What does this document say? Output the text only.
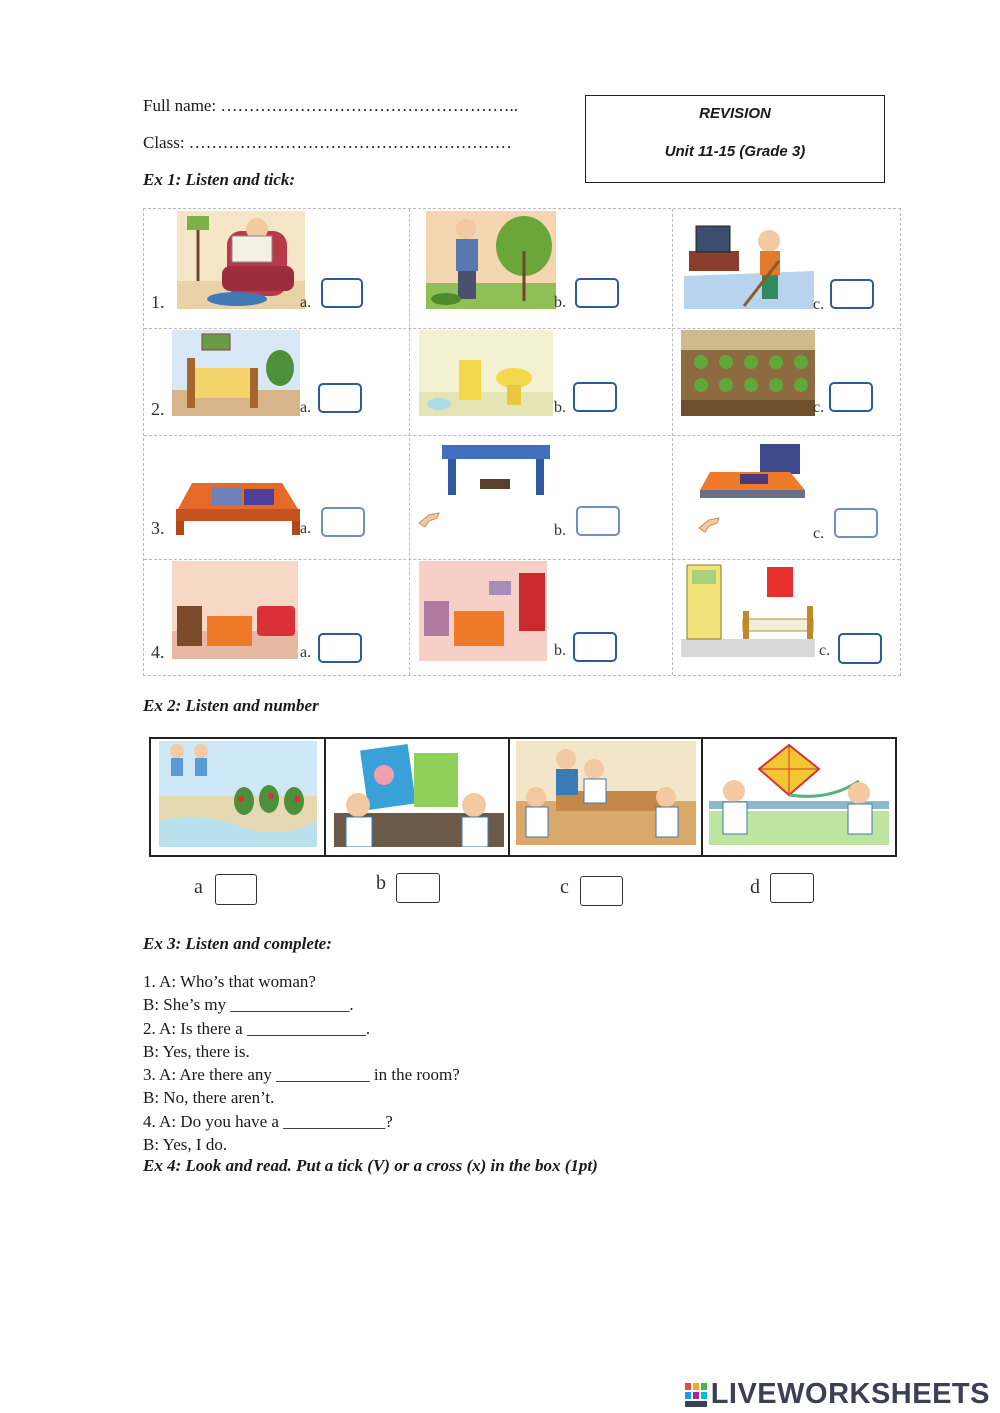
Full name: ……………………………………………..
Class: …………………………………………………
REVISION
Unit 11-15 (Grade 3)
Ex 1: Listen and tick:
1.	a.	b.	c.
2.	a.	b.	c.
3.	a.	b.	c.
4.	a.	b.	c.
Ex 2: Listen and number
a	b	c	d
Ex 3: Listen and complete:
1. A: Who’s that woman?
B: She’s my ______________.
2. A: Is there a ______________.
B: Yes, there is.
3. A: Are there any ___________ in the room?
B: No, there aren’t.
4. A: Do you have a ____________?
B: Yes, I do.
Ex 4: Look and read. Put a tick (V) or a cross (x) in the box (1pt)
LIVEWORKSHEETS
